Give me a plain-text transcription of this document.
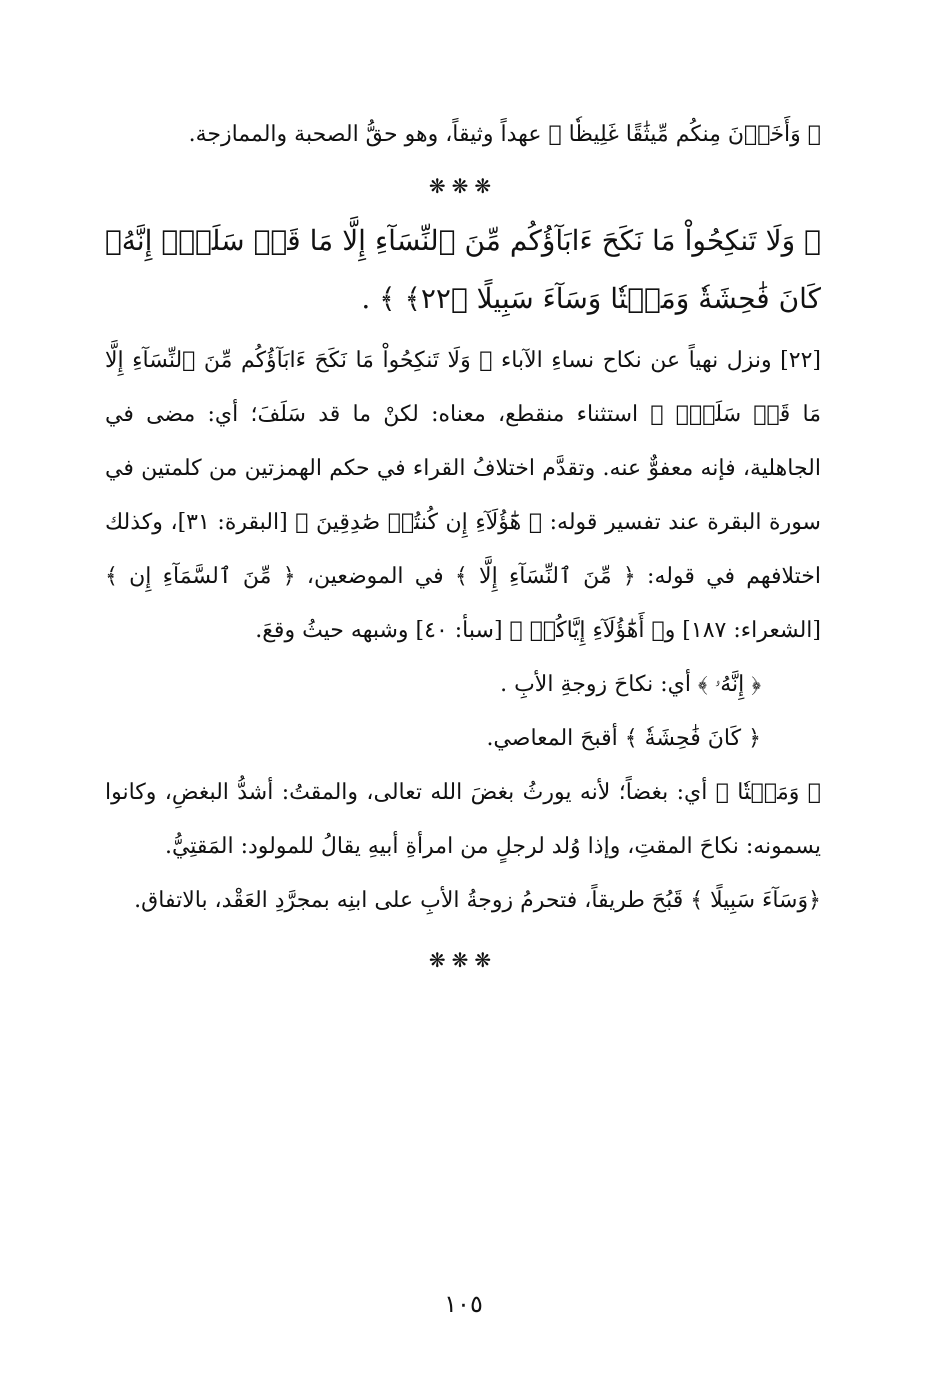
﴿ وَأَخَذۡنَ مِنكُم مِّيثَٰقًا غَلِيظٗا ﴾ عهداً وثيقاً، وهو حقُّ الصحبة والممازجة.

❋❋❋

﴿ وَلَا تَنكِحُواْ مَا نَكَحَ ءَابَآؤُكُم مِّنَ ٱلنِّسَآءِ إِلَّا مَا قَدۡ سَلَفَۚ إِنَّهُۥ كَانَ فَٰحِشَةٗ وَمَقۡتٗا وَسَآءَ سَبِيلًا ﴿٢٢﴾ ﴾ .

[٢٢] ونزل نهياً عن نكاح نساءِ الآباء ﴿ وَلَا تَنكِحُواْ مَا نَكَحَ ءَابَآؤُكُم مِّنَ ٱلنِّسَآءِ إِلَّا مَا قَدۡ سَلَفَۚ ﴾ استثناء منقطع، معناه: لكنْ ما قد سَلَفَ؛ أي: مضى في الجاهلية، فإنه معفوٌّ عنه. وتقدَّم اختلافُ القراء في حكم الهمزتين من كلمتين في سورة البقرة عند تفسير قوله: ﴿ هَٰٓؤُلَآءِ إِن كُنتُمۡ صَٰدِقِينَ ﴾ [البقرة: ٣١]، وكذلك اختلافهم في قوله: ﴿ مِّنَ ٱلنِّسَآءِ إِلَّا ﴾ في الموضعين، ﴿ مِّنَ ٱلسَّمَآءِ إِن ﴾ [الشعراء: ١٨٧] و﴿ أَهَٰٓؤُلَآءِ إِيَّاكُمۡ ﴾ [سبأ: ٤٠] وشبهه حيثُ وقعَ.

﴿ إِنَّهُۥ ﴾ أي: نكاحَ زوجةِ الأبِ .

﴿ كَانَ فَٰحِشَةٗ ﴾ أقبحَ المعاصي.

﴿ وَمَقۡتٗا ﴾ أي: بغضاً؛ لأنه يورثُ بغضَ الله تعالى، والمقتُ: أشدُّ البغضِ، وكانوا يسمونه: نكاحَ المقتِ، وإذا وُلد لرجلٍ من امرأةِ أبيهِ يقالُ للمولود: المَقتِيُّ.

﴿وَسَآءَ سَبِيلًا ﴾ قَبُحَ طريقاً، فتحرمُ زوجةُ الأبِ على ابنِه بمجرَّدِ العَقْد، بالاتفاق.

❋❋❋

١٠٥
